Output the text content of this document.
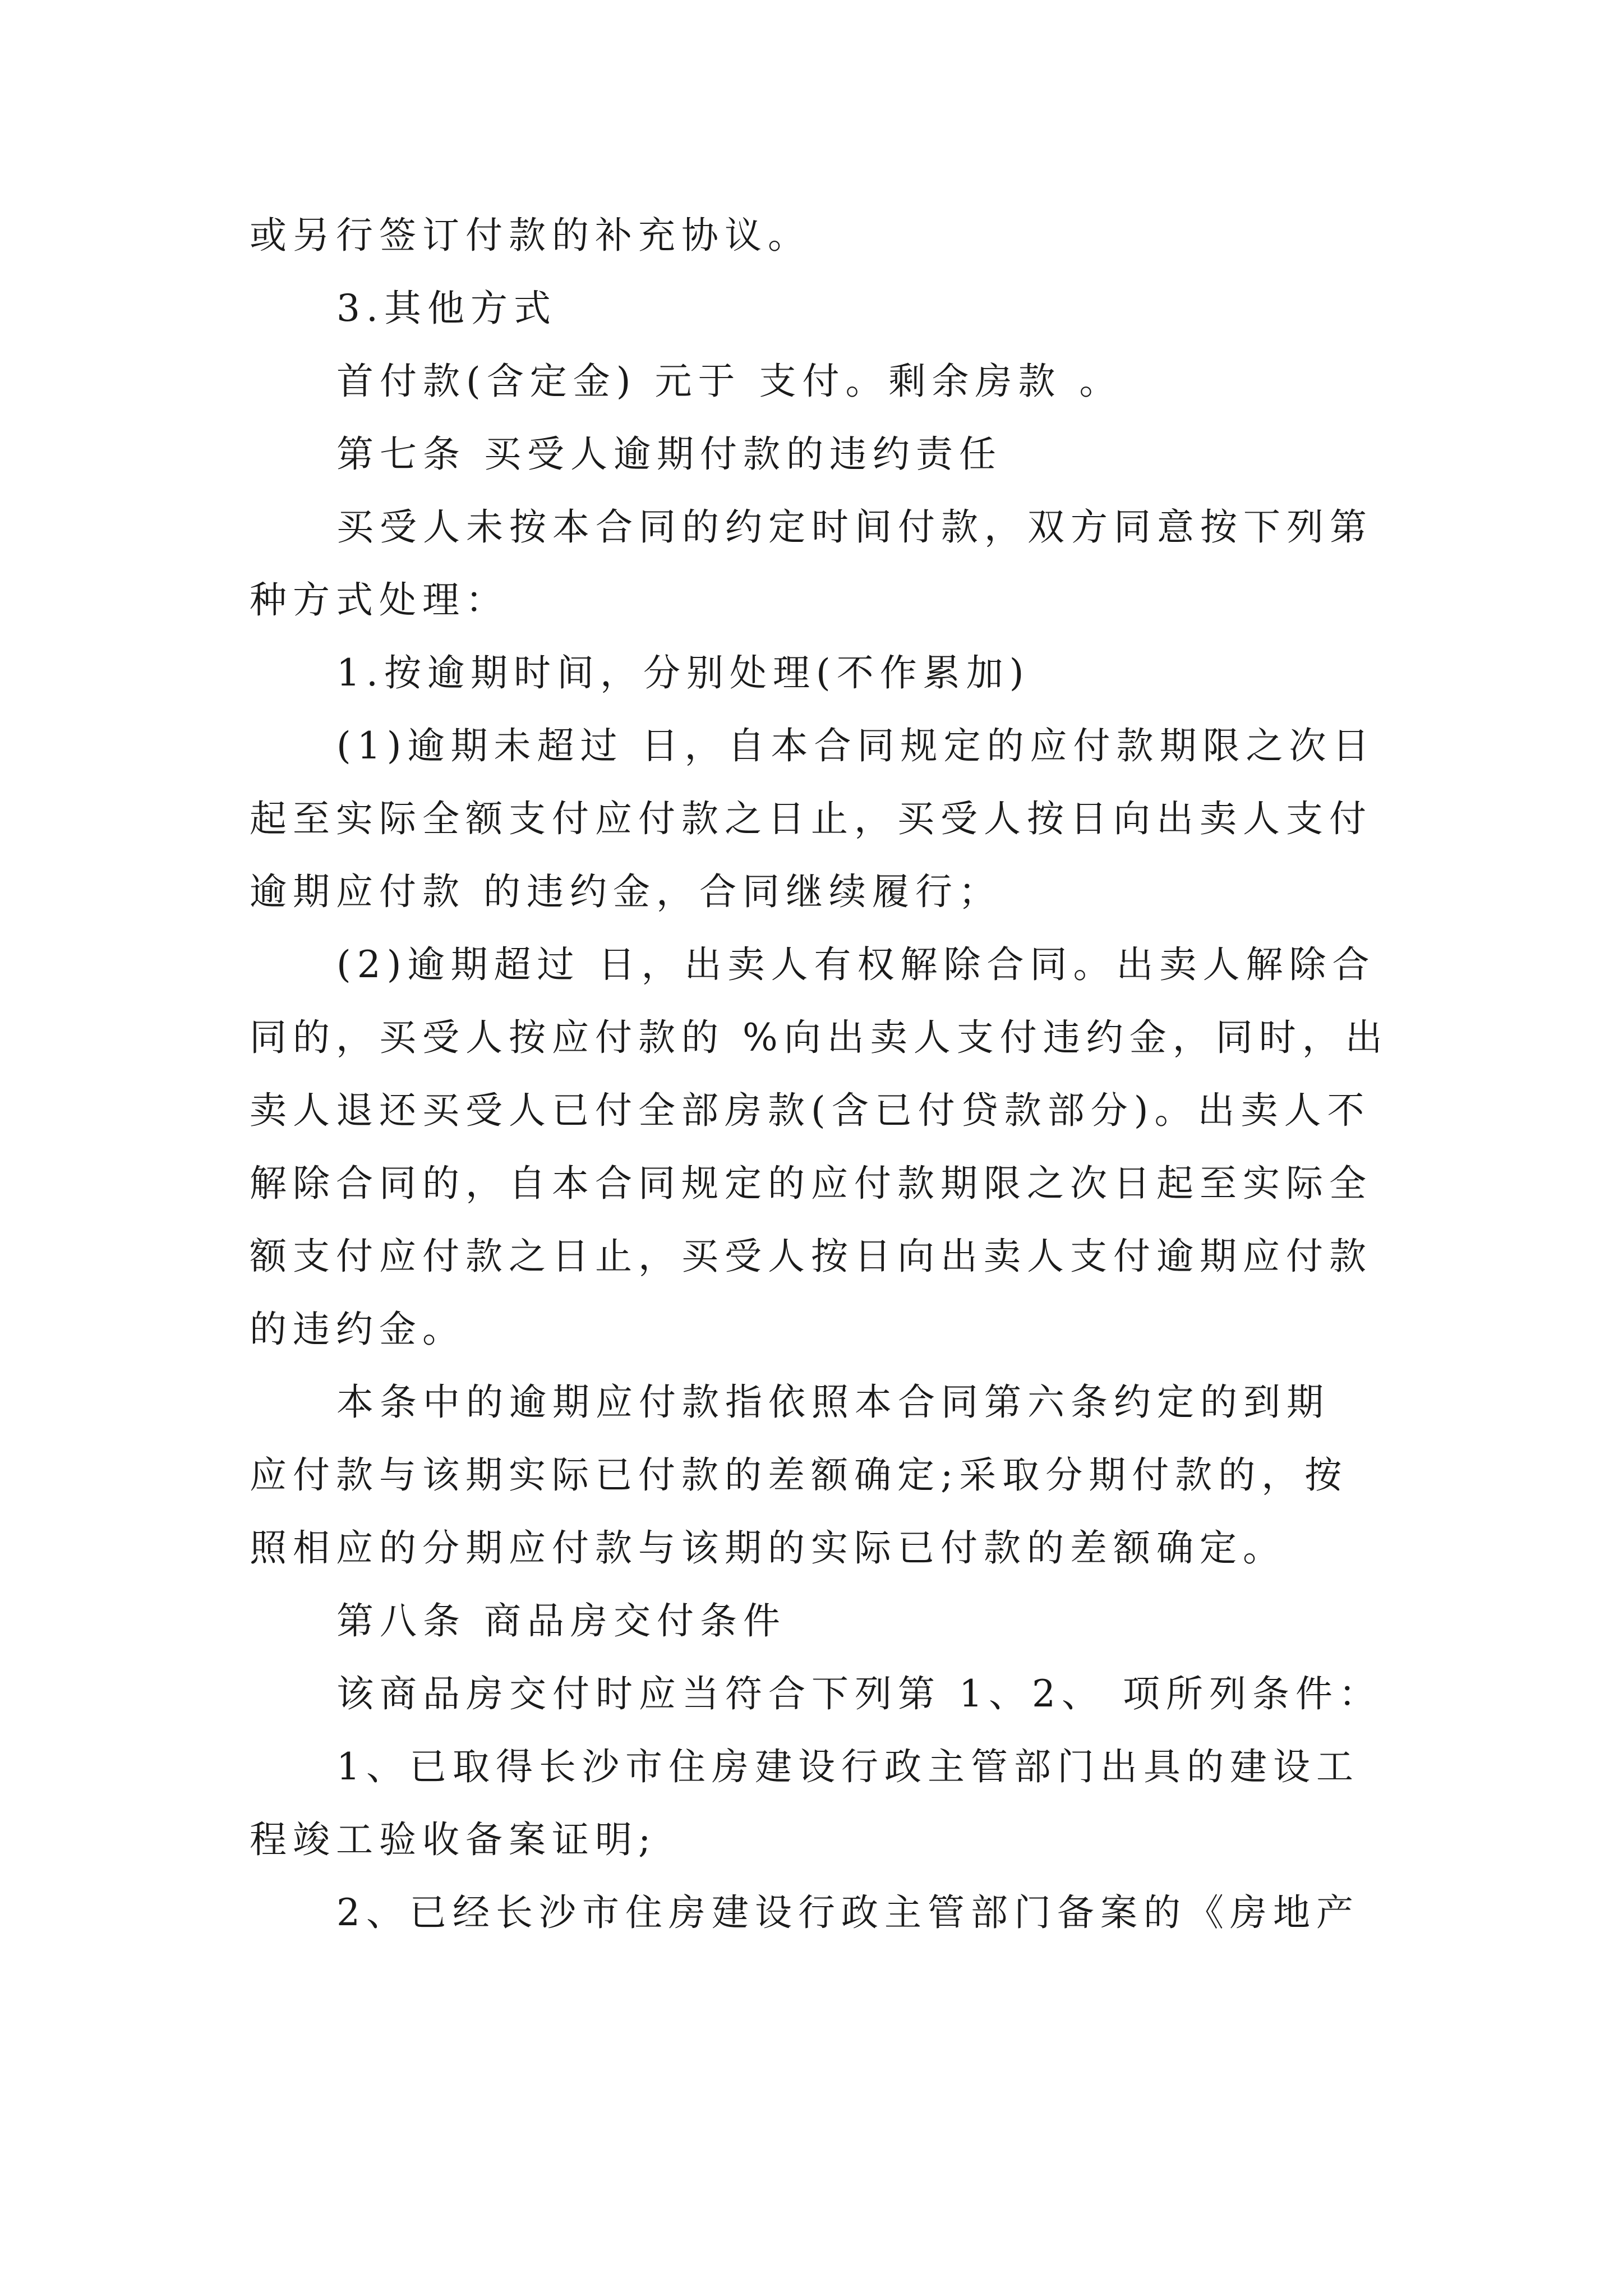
或另行签订付款的补充协议。

3.其他方式

首付款(含定金) 元于 支付。剩余房款 。

第七条 买受人逾期付款的违约责任

买受人未按本合同的约定时间付款，双方同意按下列第

种方式处理：

1.按逾期时间，分别处理(不作累加)

(1)逾期未超过 日，自本合同规定的应付款期限之次日

起至实际全额支付应付款之日止，买受人按日向出卖人支付

逾期应付款 的违约金，合同继续履行；

(2)逾期超过 日，出卖人有权解除合同。出卖人解除合

同的，买受人按应付款的 %向出卖人支付违约金，同时，出

卖人退还买受人已付全部房款(含已付贷款部分)。出卖人不

解除合同的，自本合同规定的应付款期限之次日起至实际全

额支付应付款之日止，买受人按日向出卖人支付逾期应付款

的违约金。

本条中的逾期应付款指依照本合同第六条约定的到期

应付款与该期实际已付款的差额确定;采取分期付款的，按

照相应的分期应付款与该期的实际已付款的差额确定。

第八条 商品房交付条件

该商品房交付时应当符合下列第 1、2、 项所列条件：

1、已取得长沙市住房建设行政主管部门出具的建设工

程竣工验收备案证明;

2、已经长沙市住房建设行政主管部门备案的《房地产
